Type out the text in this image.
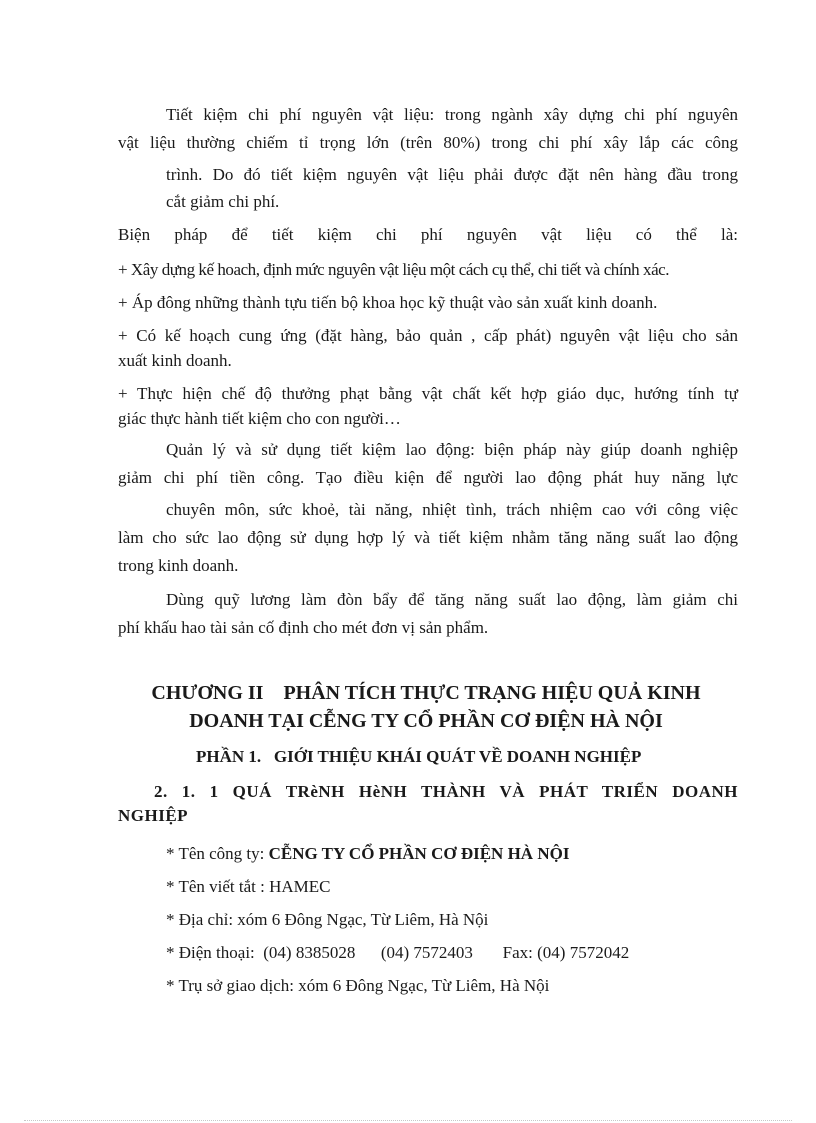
Tiết kiệm chi phí nguyên vật liệu: trong ngành xây dựng chi phí nguyên
vật liệu thường chiếm tỉ trọng lớn (trên 80%) trong chi phí xây lắp các công
trình. Do đó tiết kiệm nguyên vật liệu phải được đặt nên hàng đầu trong
cắt giảm chi phí.
Biện pháp để tiết kiệm chi phí nguyên vật liệu có thể là:
+ Xây dựng kế hoach, định mức nguyên vật liệu một cách cụ thể, chi tiết và chính xác.
+ Áp đông những thành tựu tiến bộ khoa học kỹ thuật vào sản xuất kinh doanh.
+ Có kế hoạch cung ứng (đặt hàng, bảo quản , cấp phát) nguyên vật liệu cho sản
xuất kinh doanh.
+ Thực hiện chế độ thưởng phạt bằng vật chất kết hợp giáo dục, hướng tính tự
giác thực hành tiết kiệm cho con người…
Quản lý và sử dụng tiết kiệm lao động: biện pháp này giúp doanh nghiệp
giảm chi phí tiền công. Tạo điều kiện để người lao động phát huy năng lực
chuyên môn, sức khoẻ, tài năng, nhiệt tình, trách nhiệm cao với công việc
làm cho sức lao động sử dụng hợp lý và tiết kiệm nhằm tăng năng suất lao động
trong kinh doanh.
Dùng quỹ lương làm đòn bẩy để tăng năng suất lao động, làm giảm chi
phí khấu hao tài sản cố định cho mét đơn vị sản phẩm.
CHƯƠNG II    PHÂN TÍCH THỰC TRẠNG HIỆU QUẢ KINH
DOANH TẠI CỄNG TY CỔ PHẦN CƠ ĐIỆN HÀ NỘI
PHẦN 1.   GIỚI THIỆU KHÁI QUÁT VỀ DOANH NGHIỆP
2. 1. 1 QUÁ TRèNH HèNH THÀNH VÀ PHÁT TRIỂN DOANH
NGHIỆP
* Tên công ty: CỄNG TY CỔ PHẦN CƠ ĐIỆN HÀ NỘI
* Tên viết tắt : HAMEC
* Địa chỉ: xóm 6 Đông Ngạc, Từ Liêm, Hà Nội
* Điện thoại:  (04) 8385028      (04) 7572403       Fax: (04) 7572042
* Trụ sở giao dịch: xóm 6 Đông Ngạc, Từ Liêm, Hà Nội
